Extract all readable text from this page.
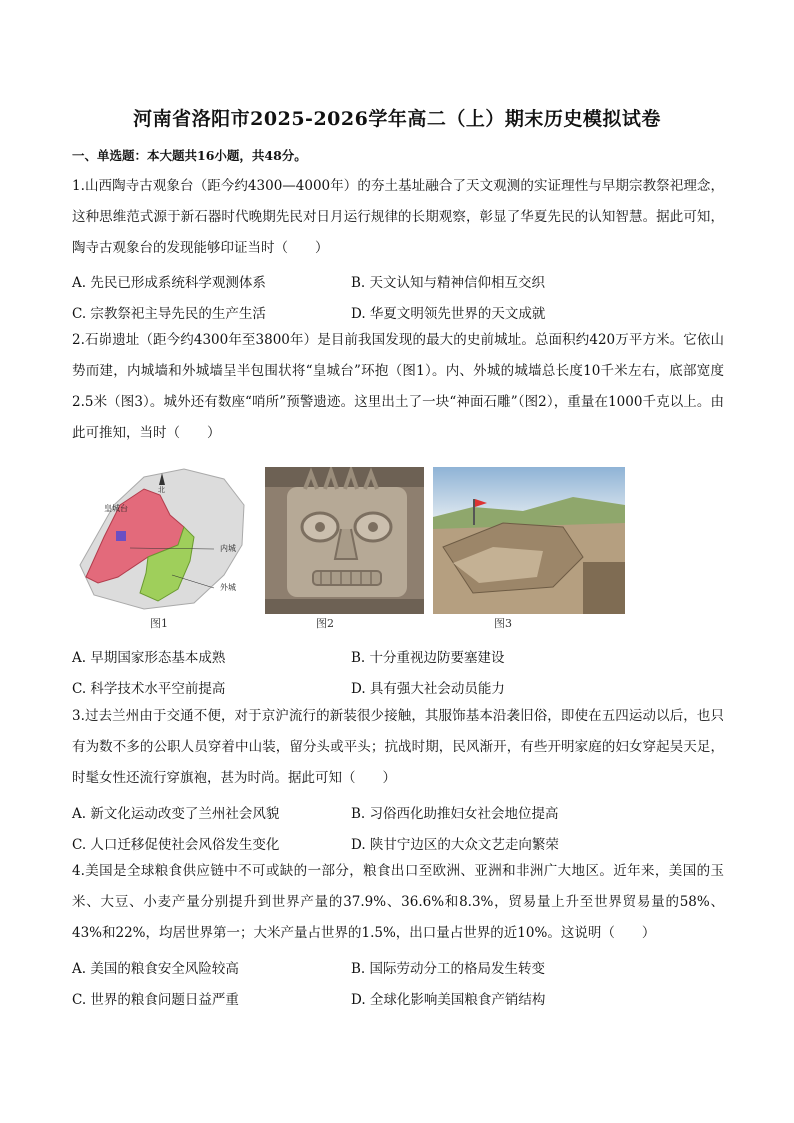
河南省洛阳市2025-2026学年高二（上）期末历史模拟试卷
一、单选题：本大题共16小题，共48分。
1.山西陶寺古观象台（距今约4300—4000年）的夯土基址融合了天文观测的实证理性与早期宗教祭祀理念，这种思维范式源于新石器时代晚期先民对日月运行规律的长期观察，彰显了华夏先民的认知智慧。据此可知，陶寺古观象台的发现能够印证当时（　　）
A. 先民已形成系统科学观测体系	B. 天文认知与精神信仰相互交织
C. 宗教祭祀主导先民的生产生活	D. 华夏文明领先世界的天文成就
2.石峁遗址（距今约4300年至3800年）是目前我国发现的最大的史前城址。总面积约420万平方米。它依山势而建，内城墙和外城墙呈半包围状将“皇城台”环抱（图1）。内、外城的城墙总长度10千米左右，底部宽度2.5米（图3）。城外还有数座“哨所”预警遗迹。这里出土了一块“神面石雕”（图2），重量在1000千克以上。由此可推知，当时（　　）
皇城台
内城
外城
北
图1	图2	图3
A. 早期国家形态基本成熟	B. 十分重视边防要塞建设
C. 科学技术水平空前提高	D. 具有强大社会动员能力
3.过去兰州由于交通不便，对于京沪流行的新装很少接触，其服饰基本沿袭旧俗，即使在五四运动以后，也只有为数不多的公职人员穿着中山装，留分头或平头；抗战时期，民风渐开，有些开明家庭的妇女穿起吴天足，时髦女性还流行穿旗袍，甚为时尚。据此可知（　　）
A. 新文化运动改变了兰州社会风貌	B. 习俗西化助推妇女社会地位提高
C. 人口迁移促使社会风俗发生变化	D. 陕甘宁边区的大众文艺走向繁荣
4.美国是全球粮食供应链中不可或缺的一部分，粮食出口至欧洲、亚洲和非洲广大地区。近年来，美国的玉米、大豆、小麦产量分别提升到世界产量的37.9%、36.6%和8.3%，贸易量上升至世界贸易量的58%、43%和22%，均居世界第一；大米产量占世界的1.5%，出口量占世界的近10%。这说明（　　）
A. 美国的粮食安全风险较高	B. 国际劳动分工的格局发生转变
C. 世界的粮食问题日益严重	D. 全球化影响美国粮食产销结构
